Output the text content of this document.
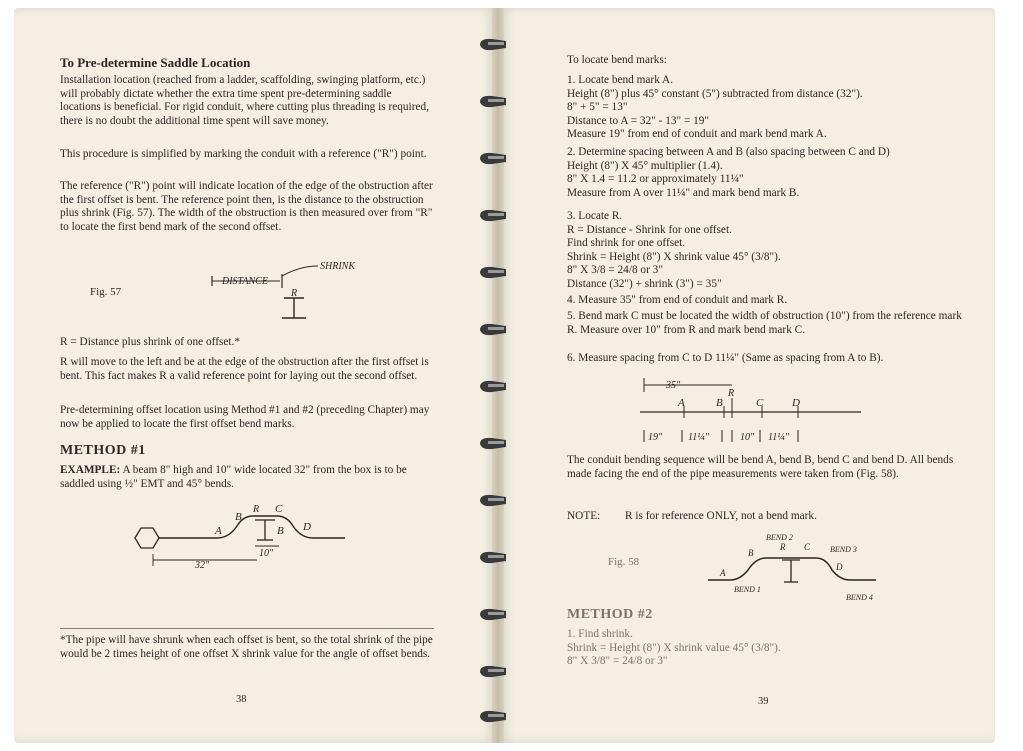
To Pre-determine Saddle Location

Installation location (reached from a ladder, scaffolding, swinging platform, etc.) will probably dictate whether the extra time spent pre-determining saddle locations is beneficial. For rigid conduit, where cutting plus threading is required, there is no doubt the additional time spent will save money.

This procedure is simplified by marking the conduit with a reference ("R") point.

The reference ("R") point will indicate location of the edge of the obstruction after the first offset is bent. The reference point then, is the distance to the obstruction plus shrink (Fig. 57). The width of the obstruction is then measured over from "R" to locate the first bend mark of the second offset.

Fig. 57
DISTANCE
SHRINK
R
R = Distance plus shrink of one offset.*

R will move to the left and be at the edge of the obstruction after the first offset is bent. This fact makes R a valid reference point for laying out the second offset.

Pre-determining offset location using Method #1 and #2 (preceding Chapter) may now be applied to locate the first offset bend marks.

METHOD #1

EXAMPLE: A beam 8" high and 10" wide located 32" from the box is to be saddled using ½" EMT and 45° bends.

A
B
R C
B D
10"
32"

*The pipe will have shrunk when each offset is bent, so the total shrink of the pipe would be 2 times height of one offset X shrink value for the angle of offset bends.

38
To locate bend marks:

1. Locate bend mark A.

Height (8") plus 45° constant (5") subtracted from distance (32").

8" + 5" = 13"

Distance to A = 32" - 13" = 19"

Measure 19" from end of conduit and mark bend mark A.

2. Determine spacing between A and B (also spacing between C and D)

Height (8") X 45° multiplier (1.4).

8" X 1.4 = 11.2 or approximately 11¼"

Measure from A over 11¼" and mark bend mark B.

3. Locate R.

R = Distance - Shrink for one offset.

Find shrink for one offset.

Shrink = Height (8") X shrink value 45° (3/8").

8" X 3/8 = 24/8 or 3"

Distance (32") + shrink (3") = 35"

4. Measure 35" from end of conduit and mark R.

5. Bend mark C must be located the width of obstruction (10") from the reference mark R. Measure over 10" from R and mark bend mark C.

6. Measure spacing from C to D 11¼" (Same as spacing from A to B).
35"
R
A	B	C	D
19"	11¼"	10" 11¼"

The conduit bending sequence will be bend A, bend B, bend C and bend D. All bends made facing the end of the pipe measurements were taken from (Fig. 58).

NOTE: R is for reference ONLY, not a bend mark.

Fig. 58
BEND 2
BEND 3
BEND 1
BEND 4
A
B
R C
D
METHOD #2

1. Find shrink.

Shrink = Height (8") X shrink value 45° (3/8").

8" X 3/8" = 24/8 or 3"

39
